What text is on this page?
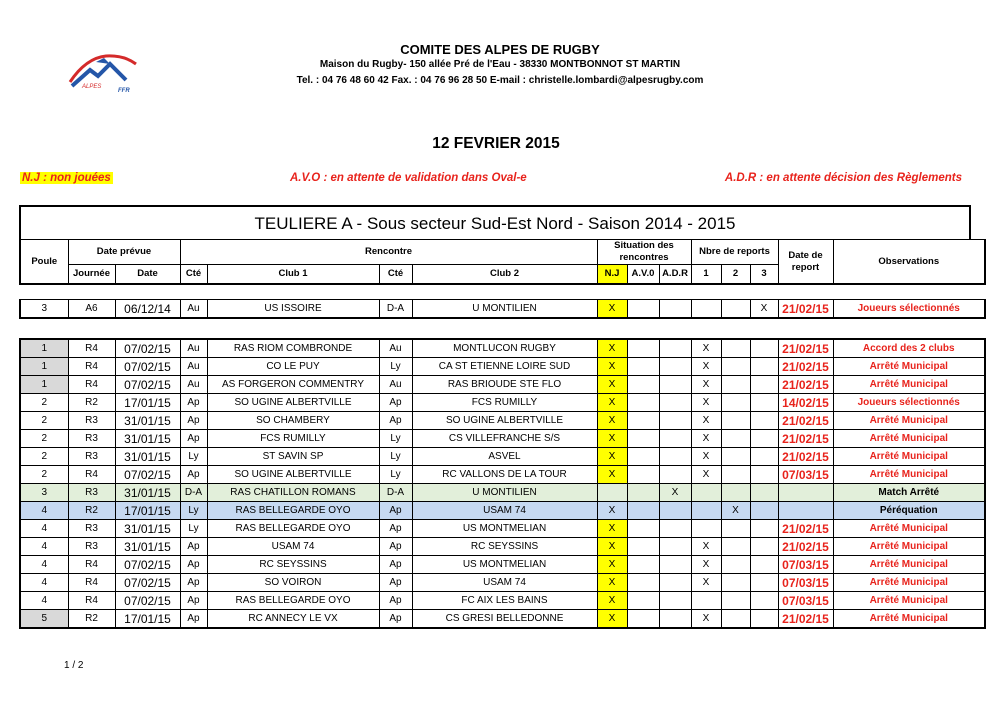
ALPES
FFR
COMITE DES ALPES DE RUGBY
Maison du Rugby- 150 allée Pré de l'Eau - 38330 MONTBONNOT ST MARTIN
Tel. : 04 76 48 60 42 Fax. : 04 76 96 28 50 E-mail : christelle.lombardi@alpesrugby.com
12 FEVRIER 2015
N.J : non jouées	A.V.O : en attente de validation dans Oval-e	A.D.R : en attente décision des Règlements
TEULIERE A - Sous secteur Sud-Est Nord - Saison 2014 - 2015
Poule	Date prévue		Rencontre				Situation des rencontres			Nbre de reports			Date de report	Observations
	Journée	Date	Cté	Club 1	Cté	Club 2	N.J	A.V.0	A.D.R	1	2	3		
3	A6	06/12/14	Au	US ISSOIRE	D-A	U MONTILIEN	X					X	21/02/15	Joueurs sélectionnés
1	R4	07/02/15	Au	RAS RIOM COMBRONDE	Au	MONTLUCON RUGBY	X			X			21/02/15	Accord des 2 clubs
1	R4	07/02/15	Au	CO LE PUY	Ly	CA ST ETIENNE LOIRE SUD	X			X			21/02/15	Arrêté Municipal
1	R4	07/02/15	Au	AS FORGERON COMMENTRY	Au	RAS BRIOUDE STE FLO	X			X			21/02/15	Arrêté Municipal
2	R2	17/01/15	Ap	SO UGINE ALBERTVILLE	Ap	FCS RUMILLY	X			X			14/02/15	Joueurs sélectionnés
2	R3	31/01/15	Ap	SO CHAMBERY	Ap	SO UGINE ALBERTVILLE	X			X			21/02/15	Arrêté Municipal
2	R3	31/01/15	Ap	FCS RUMILLY	Ly	CS VILLEFRANCHE S/S	X			X			21/02/15	Arrêté Municipal
2	R3	31/01/15	Ly	ST SAVIN SP	Ly	ASVEL	X			X			21/02/15	Arrêté Municipal
2	R4	07/02/15	Ap	SO UGINE ALBERTVILLE	Ly	RC VALLONS DE LA TOUR	X			X			07/03/15	Arrêté Municipal
3	R3	31/01/15	D-A	RAS CHATILLON ROMANS	D-A	U MONTILIEN			X					Match Arrêté
4	R2	17/01/15	Ly	RAS BELLEGARDE OYO	Ap	USAM 74	X				X			Péréquation
4	R3	31/01/15	Ly	RAS BELLEGARDE OYO	Ap	US MONTMELIAN	X						21/02/15	Arrêté Municipal
4	R3	31/01/15	Ap	USAM 74	Ap	RC SEYSSINS	X			X			21/02/15	Arrêté Municipal
4	R4	07/02/15	Ap	RC SEYSSINS	Ap	US MONTMELIAN	X			X			07/03/15	Arrêté Municipal
4	R4	07/02/15	Ap	SO VOIRON	Ap	USAM 74	X			X			07/03/15	Arrêté Municipal
4	R4	07/02/15	Ap	RAS BELLEGARDE OYO	Ap	FC AIX LES BAINS	X						07/03/15	Arrêté Municipal
5	R2	17/01/15	Ap	RC ANNECY LE VX	Ap	CS GRESI BELLEDONNE	X			X			21/02/15	Arrêté Municipal
1 / 2
